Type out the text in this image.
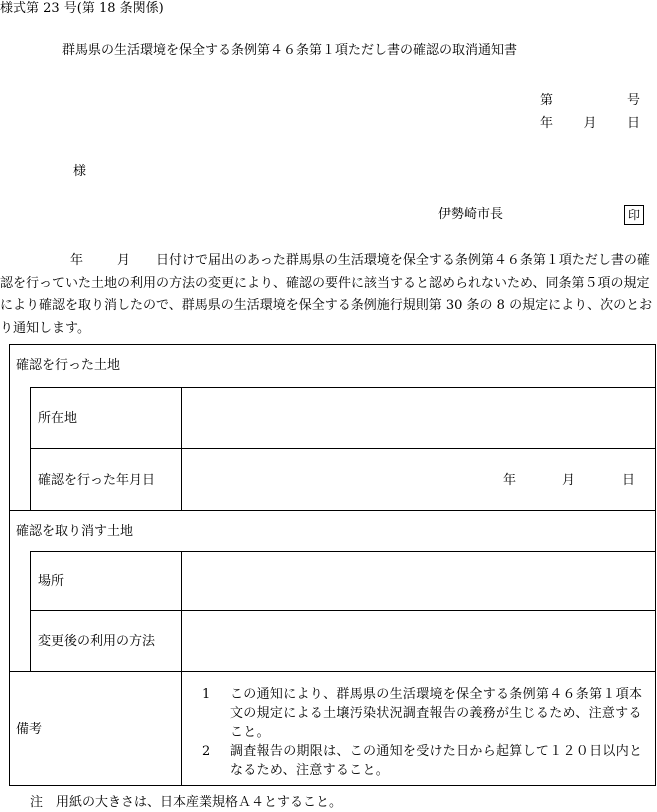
様式第 23 号(第 18 条関係)
群馬県の生活環境を保全する条例第４６条第１項ただし書の確認の取消通知書
第	号
年 月 日
様
伊勢崎市長	印
年	月 日付けで届出のあった群馬県の生活環境を保全する条例第４６条第１項ただし書の確認を行っていた土地の利用の方法の変更により、確認の要件に該当すると認められないため、同条第５項の規定により確認を取り消したので、群馬県の生活環境を保全する条例施行規則第 30 条の 8 の規定により、次のとおり通知します。
確認を行った土地
所在地
確認を行った年月日	年	月	日
確認を取り消す土地
場所
変更後の利用の方法
備考
1	この通知により、群馬県の生活環境を保全する条例第４６条第１項本文の規定による土壌汚染状況調査報告の義務が生じるため、注意すること。
2	調査報告の期限は、この通知を受けた日から起算して１２０日以内となるため、注意すること。
注　用紙の大きさは、日本産業規格Ａ４とすること。
